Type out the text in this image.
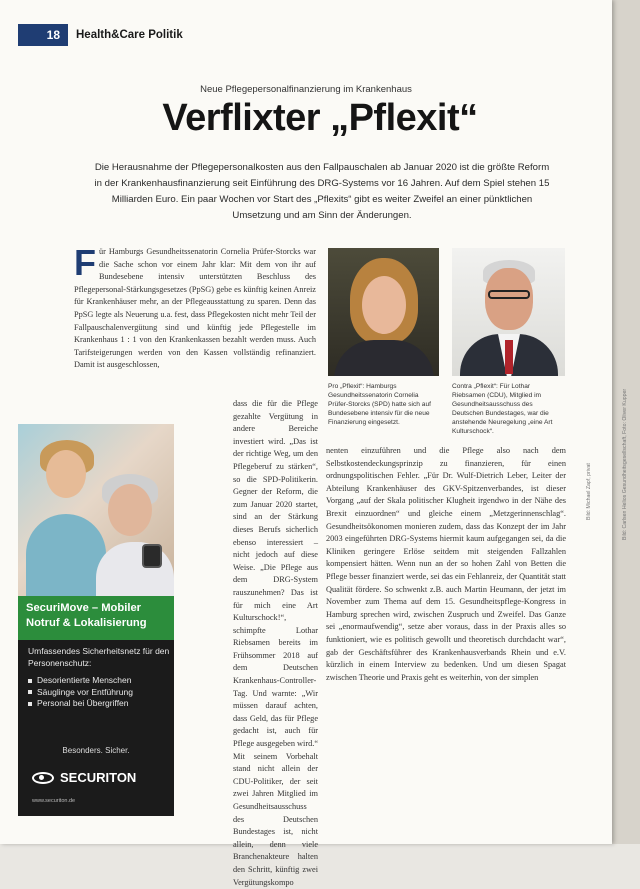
18	Health&Care Politik
Neue Pflegepersonalfinanzierung im Krankenhaus
Verflixter „Pflexit“
Die Herausnahme der Pflegepersonalkosten aus den Fallpauschalen ab Januar 2020 ist die größte Reform in der Krankenhausfinanzierung seit Einführung des DRG-Systems vor 16 Jahren. Auf dem Spiel stehen 15 Milliarden Euro. Ein paar Wochen vor Start des „Pflexits“ gibt es weiter Zweifel an einer pünktlichen Umsetzung und am Sinn der Änderungen.
F ür Hamburgs Gesundheitssenatorin Cornelia Prüfer-Storcks war die Sache schon vor einem Jahr klar: Mit dem von ihr auf Bundesebene intensiv unterstützten Beschluss des Pflegepersonal-Stärkungsgesetzes (PpSG) gebe es künftig keinen Anreiz für Krankenhäuser mehr, an der Pflegeausstattung zu sparen. Denn das PpSG legte als Neuerung u.a. fest, dass Pflegekosten nicht mehr Teil der Fallpauschalenvergütung sind und künftig jede Pflegestelle im Krankenhaus 1 : 1 von den Krankenkassen bezahlt werden muss. Auch Tarifsteigerungen werden von den Kassen vollständig refinanziert. Damit ist ausgeschlossen,
dass die für die Pflege gezahlte Vergütung in andere Bereiche investiert wird. „Das ist der richtige Weg, um den Pflegeberuf zu stärken“, so die SPD-Politikerin. Gegner der Reform, die zum Januar 2020 startet, sind an der Stärkung dieses Berufs sicherlich ebenso interessiert – nicht jedoch auf diese Weise. „Die Pflege aus dem DRG-System rauszunehmen? Das ist für mich eine Art Kulturschock!“, schimpfte Lothar Riebsamen bereits im Frühsommer 2018 auf dem Deutschen Krankenhaus-Controller-Tag. Und warnte: „Wir müssen darauf achten, dass Geld, das für Pflege gedacht ist, auch für Pflege ausgegeben wird.“ Mit seinem Vorbehalt stand nicht allein der CDU-Politiker, der seit zwei Jahren Mitglied im Gesundheitsausschuss des Deutschen Bundestages ist, nicht allein, denn viele Branchenakteure halten den Schritt, künftig zwei Vergütungskompo
nenten einzuführen und die Pflege also nach dem Selbstkostendeckungsprinzip zu finanzieren, für einen ordnungspolitischen Fehler. „Für Dr. Wulf-Dietrich Leber, Leiter der Abteilung Krankenhäuser des GKV-Spitzenverbandes, ist dieser Vorgang „auf der Skala politischer Klugheit irgendwo in der Nähe des Brexit einzuordnen“ und gleiche einem „Metzgerinnenschlag“. Gesundheitsökonomen monieren zudem, dass das Konzept der im Jahr 2003 eingeführten DRG-Systems hiermit kaum aufgegangen sei, da die Kliniken geringere Erlöse seitdem mit steigenden Fallzahlen kompensiert hätten. Wenn nun an der so hohen Zahl von Betten die Pflege besser finanziert werde, sei das ein Fehlanreiz, der Quantität statt Qualität fördere. So schwenkt z.B. auch Martin Heumann, der jetzt im November zum Thema auf dem 15. Gesundheitspflege-Kongress in Hamburg sprechen wird, zwischen Zuspruch und Zweifel. Das Ganze sei „enormaufwendig“, setze aber voraus, dass in der Praxis alles so funktioniert, wie es politisch gewollt und theoretisch durchdacht war“, gab der Geschäftsführer des Krankenhausverbands Rhein und e.V. kürzlich in einem Interview zu bedenken. Und um diesen Spagat zwischen Theorie und Praxis geht es weiterhin, von der simplen
Pro „Pflexit“: Hamburgs Gesundheitssenatorin Cornelia Prüfer-Storcks (SPD) hatte sich auf Bundesebene intensiv für die neue Finanzierung eingesetzt.
Contra „Pflexit“: Für Lothar Riebsamen (CDU), Mitglied im Gesundheitsausschuss des Deutschen Bundestages, war die anstehende Neuregelung „eine Art Kulturschock“.
SecuriMove – Mobiler Notruf & Lokalisierung
Umfassendes Sicherheitsnetz für den Personenschutz:
Desorientierte Menschen
Säuglinge vor Entführung
Personal bei Übergriffen
Besonders. Sicher.
SECURITON
www.securiton.de
Bild: Michael Zapf, privat	Bild: Carlsen Helios Gesundheitsgesellschaft, Foto: Oliver Kupper
